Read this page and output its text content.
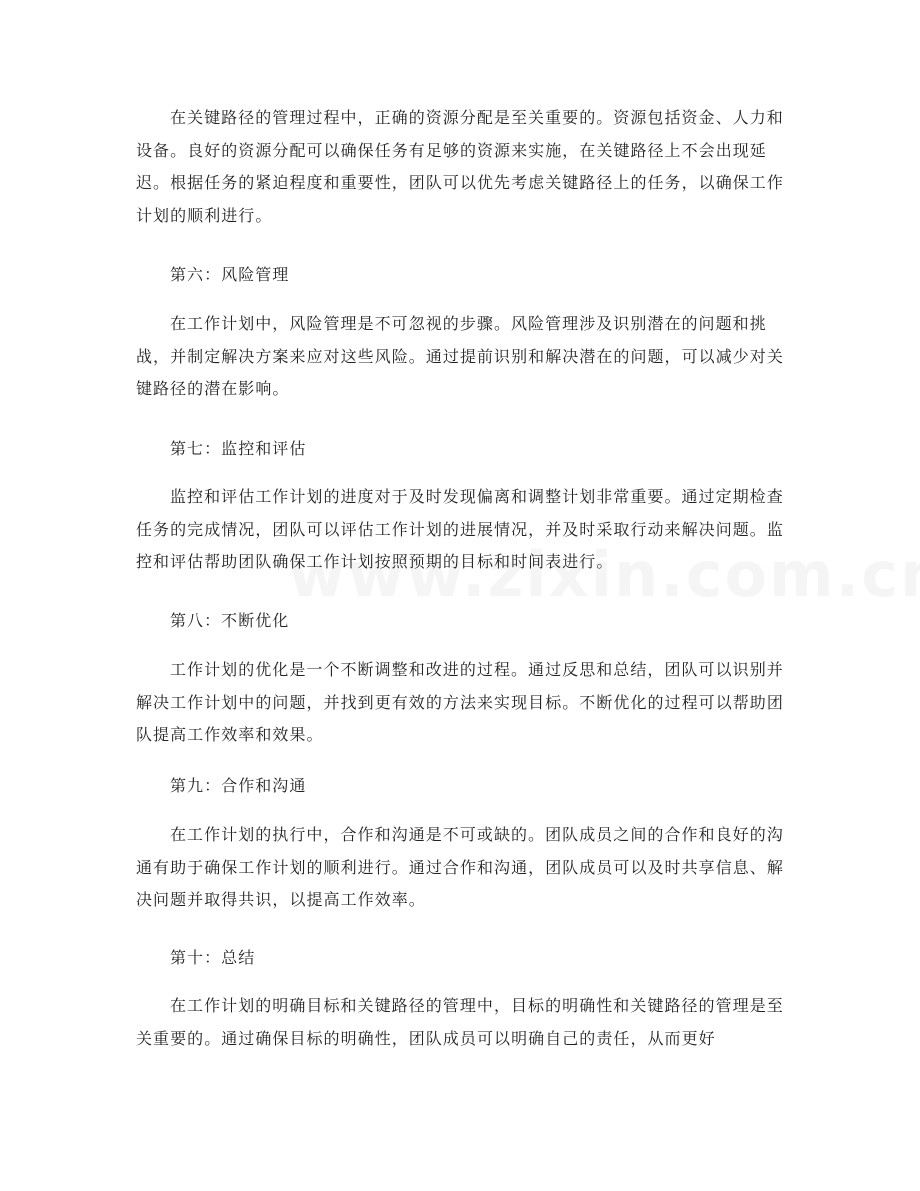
在关键路径的管理过程中，正确的资源分配是至关重要的。资源包括资金、人力和设备。良好的资源分配可以确保任务有足够的资源来实施，在关键路径上不会出现延迟。根据任务的紧迫程度和重要性，团队可以优先考虑关键路径上的任务，以确保工作计划的顺利进行。

第六：风险管理

在工作计划中，风险管理是不可忽视的步骤。风险管理涉及识别潜在的问题和挑战，并制定解决方案来应对这些风险。通过提前识别和解决潜在的问题，可以减少对关键路径的潜在影响。

第七：监控和评估

监控和评估工作计划的进度对于及时发现偏离和调整计划非常重要。通过定期检查任务的完成情况，团队可以评估工作计划的进展情况，并及时采取行动来解决问题。监控和评估帮助团队确保工作计划按照预期的目标和时间表进行。

第八：不断优化

工作计划的优化是一个不断调整和改进的过程。通过反思和总结，团队可以识别并解决工作计划中的问题，并找到更有效的方法来实现目标。不断优化的过程可以帮助团队提高工作效率和效果。

第九：合作和沟通

在工作计划的执行中，合作和沟通是不可或缺的。团队成员之间的合作和良好的沟通有助于确保工作计划的顺利进行。通过合作和沟通，团队成员可以及时共享信息、解决问题并取得共识，以提高工作效率。

第十：总结

在工作计划的明确目标和关键路径的管理中，目标的明确性和关键路径的管理是至关重要的。通过确保目标的明确性，团队成员可以明确自己的责任，从而更好
